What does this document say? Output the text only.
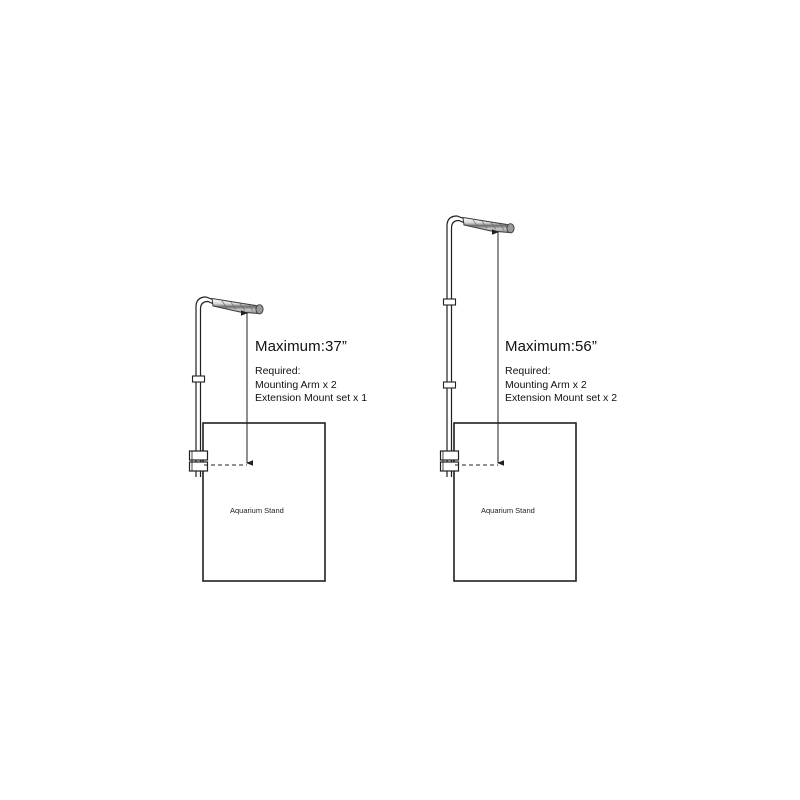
Maximum:37”
Required:
Mounting Arm x 2
Extension Mount set x 1
Aquarium Stand
Maximum:56”
Required:
Mounting Arm x 2
Extension Mount set x 2
Aquarium Stand
